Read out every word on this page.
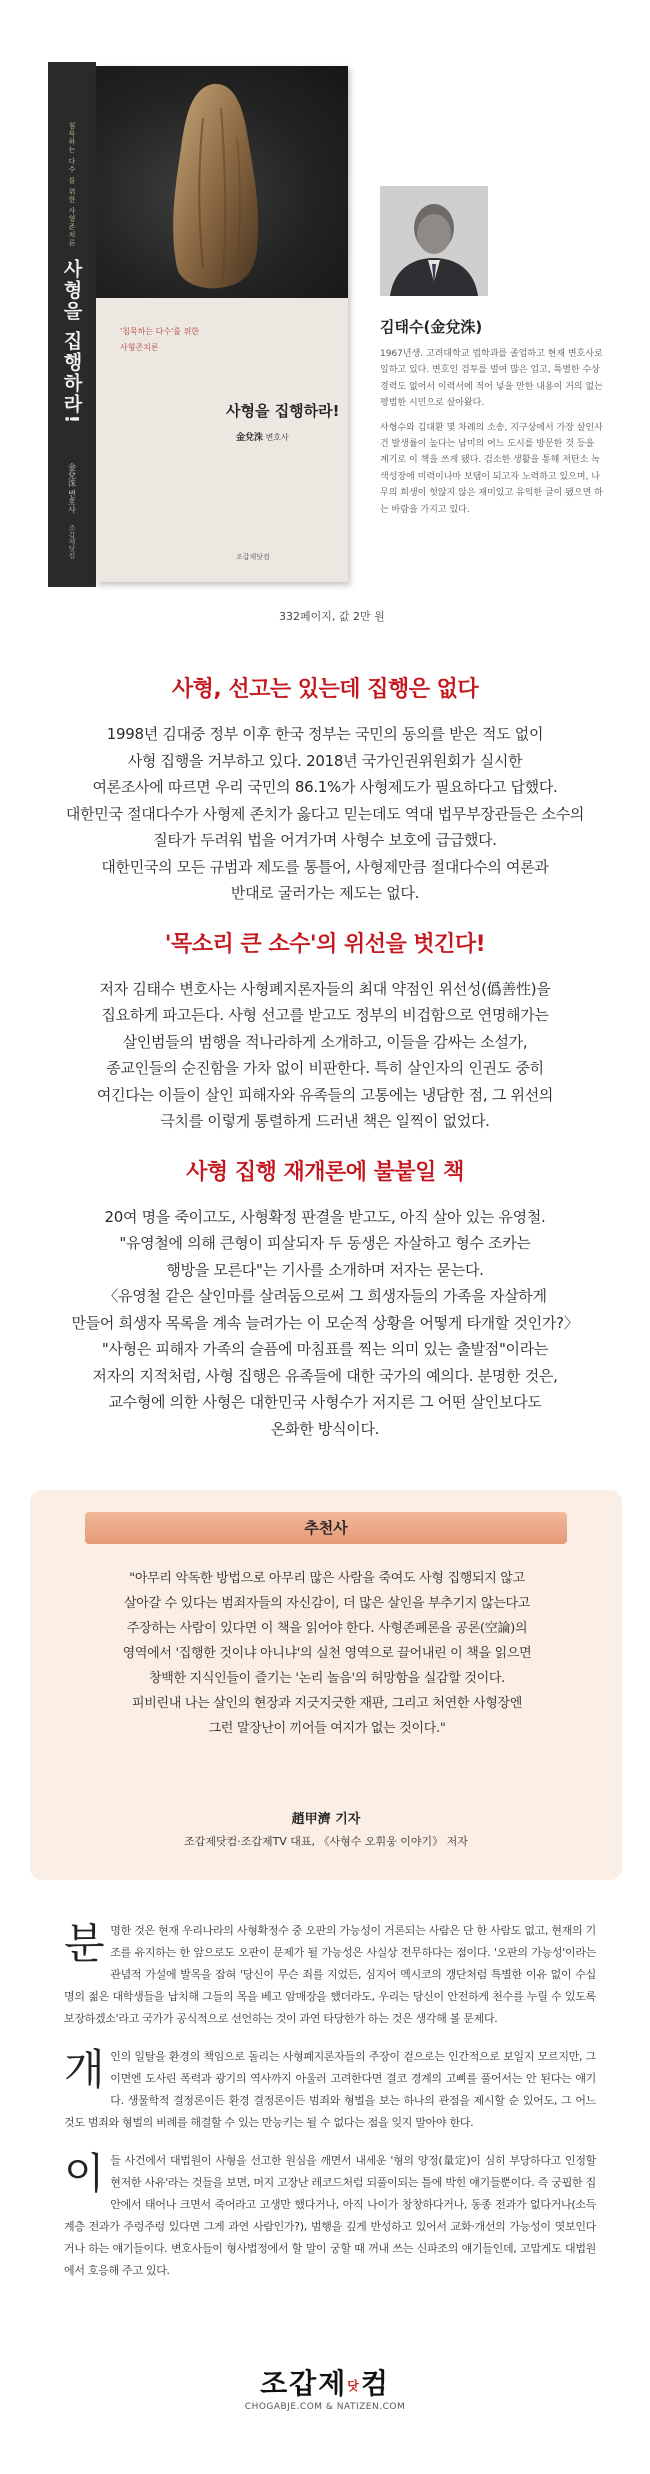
침묵하는 다수 를 위한 사형존치론
사형을 집행하라!
金兌洙 변호사
조갑제닷컴
'침묵하는 다수'를 위한
사형존치론
사형을 집행하라!
金兌洙 변호사
조갑제닷컴
332페이지, 값 2만 원
김태수(金兌洙)

1967년생. 고려대학교 법학과를 졸업하고 현재 변호사로 일하고 있다. 변호인 검투를 벌여 많은 업고, 특별한 수상 경력도 없어서 이력서에 적어 넣을 만한 내용이 거의 없는 평범한 시민으로 살아왔다.

사형수와 김대환 몇 차례의 소송, 지구상에서 가장 살인사건 발생률이 높다는 남미의 어느 도시를 방문한 것 등을 계기로 이 책을 쓰게 됐다. 검소한 생활을 통해 저탄소 녹색성장에 미력이나마 보탬이 되고자 노력하고 있으며, 나무의 희생이 헛않지 않은 재미있고 유익한 글이 됐으면 하는 바람을 가지고 있다.

사형, 선고는 있는데 집행은 없다

1998년 김대중 정부 이후 한국 정부는 국민의 동의를 받은 적도 없이

사형 집행을 거부하고 있다. 2018년 국가인권위원회가 실시한

여론조사에 따르면 우리 국민의 86.1%가 사형제도가 필요하다고 답했다.

대한민국 절대다수가 사형제 존치가 옳다고 믿는데도 역대 법무부장관들은 소수의

질타가 두려워 법을 어겨가며 사형수 보호에 급급했다.

대한민국의 모든 규범과 제도를 통틀어, 사형제만큼 절대다수의 여론과

반대로 굴러가는 제도는 없다.

'목소리 큰 소수'의 위선을 벗긴다!

저자 김태수 변호사는 사형폐지론자들의 최대 약점인 위선성(僞善性)을

집요하게 파고든다. 사형 선고를 받고도 정부의 비겁함으로 연명해가는

살인범들의 범행을 적나라하게 소개하고, 이들을 감싸는 소설가,

종교인들의 순진함을 가차 없이 비판한다. 특히 살인자의 인권도 중히

여긴다는 이들이 살인 피해자와 유족들의 고통에는 냉담한 점, 그 위선의

극치를 이렇게 통렬하게 드러낸 책은 일찍이 없었다.

사형 집행 재개론에 불붙일 책

20여 명을 죽이고도, 사형확정 판결을 받고도, 아직 살아 있는 유영철.

"유영철에 의해 큰형이 피살되자 두 동생은 자살하고 형수 조카는

행방을 모른다"는 기사를 소개하며 저자는 묻는다.

〈유영철 같은 살인마를 살려둠으로써 그 희생자들의 가족을 자살하게

만들어 희생자 목록을 계속 늘려가는 이 모순적 상황을 어떻게 타개할 것인가?〉

"사형은 피해자 가족의 슬픔에 마침표를 찍는 의미 있는 출발점"이라는

저자의 지적처럼, 사형 집행은 유족들에 대한 국가의 예의다. 분명한 것은,

교수형에 의한 사형은 대한민국 사형수가 저지른 그 어떤 살인보다도

온화한 방식이다.

추천사
"아무리 악독한 방법으로 아무리 많은 사람을 죽여도 사형 집행되지 않고
살아갈 수 있다는 범죄자들의 자신감이, 더 많은 살인을 부추기지 않는다고
주장하는 사람이 있다면 이 책을 읽어야 한다. 사형존폐론을 공론(空論)의
영역에서 '집행한 것이냐 아니냐'의 실천 영역으로 끌어내린 이 책을 읽으면
창백한 지식인들이 즐기는 '논리 놀음'의 허망함을 실감할 것이다.
피비린내 나는 살인의 현장과 지긋지긋한 재판, 그리고 처연한 사형장엔
그런 말장난이 끼어들 여지가 없는 것이다."
趙甲濟 기자
조갑제닷컴·조갑제TV 대표, 《사형수 오휘웅 이야기》 저자
분 명한 것은 현재 우리나라의 사형확정수 중 오판의 가능성이 거론되는 사람은 단 한 사람도 없고, 현재의 기조를 유지하는 한 앞으로도 오판이 문제가 될 가능성은 사실상 전무하다는 점이다. '오판의 가능성'이라는 관념적 가설에 발목을 잡혀 '당신이 무슨 죄를 지었든, 심지어 멕시코의 갱단처럼 특별한 이유 없이 수십 명의 젊은 대학생들을 납치해 그들의 목을 베고 암매장을 했더라도, 우리는 당신이 안전하게 천수를 누릴 수 있도록 보장하겠소'라고 국가가 공식적으로 선언하는 것이 과연 타당한가 하는 것은 생각해 볼 문제다.
개 인의 일탈을 환경의 책임으로 돌리는 사형폐지론자들의 주장이 겉으로는 인간적으로 보일지 모르지만, 그 이면엔 도사린 폭력과 광기의 역사까지 아울러 고려한다면 결코 경계의 고삐를 풀어서는 안 된다는 얘기다. 생물학적 결정론이든 환경 결정론이든 범죄와 형벌을 보는 하나의 관점을 제시할 순 있어도, 그 어느 것도 범죄와 형벌의 비례를 해결할 수 있는 만능키는 될 수 없다는 점을 잊지 말아야 한다.
이 들 사건에서 대법원이 사형을 선고한 원심을 깨면서 내세운 '형의 양정(量定)이 심히 부당하다고 인정할 현저한 사유'라는 것들을 보면, 머지 고장난 레코드처럼 되풀이되는 틀에 박힌 얘기들뿐이다. 즉 궁핍한 집안에서 태어나 크면서 죽어라고 고생만 했다거나, 아직 나이가 창창하다거나, 동종 전과가 없다거나(소득계층 전과가 주렁주렁 있다면 그게 과연 사람인가?), 범행을 깊게 반성하고 있어서 교화·개선의 가능성이 엿보인다거나 하는 얘기들이다. 변호사들이 형사법정에서 할 말이 궁할 때 꺼내 쓰는 신파조의 얘기들인데, 고맙게도 대법원에서 호응해 주고 있다.
조갑제닷컴
CHOGABJE.COM & NATIZEN.COM
